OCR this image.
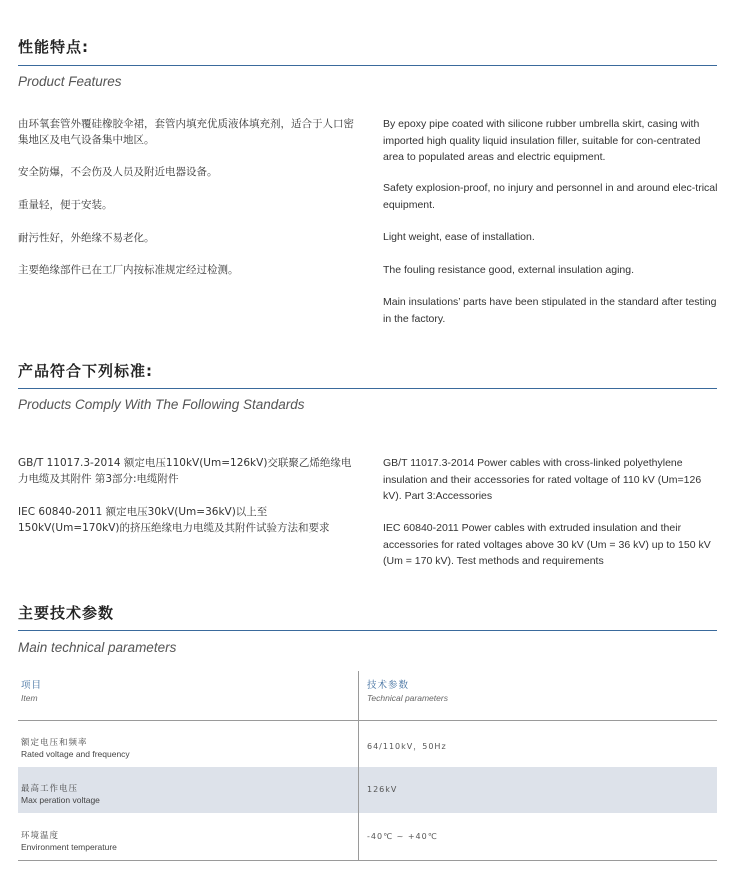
性能特点:

Product Features

由环氧套管外覆硅橡胶伞裙，套管内填充优质液体填充剂，适合于人口密集地区及电气设备集中地区。

安全防爆，不会伤及人员及附近电器设备。

重量轻，便于安装。

耐污性好，外绝缘不易老化。

主要绝缘部件已在工厂内按标准规定经过检测。

By epoxy pipe coated with silicone rubber umbrella skirt, casing with imported high quality liquid insulation filler, suitable for con-centrated area to populated areas and electric equipment.

Safety explosion-proof, no injury and personnel in and around elec-trical equipment.

Light weight, ease of installation.

The fouling resistance good, external insulation aging.

Main insulations’ parts have been stipulated in the standard after testing in the factory.

产品符合下列标准:

Products Comply With The Following Standards

GB/T 11017.3-2014 额定电压110kV(Um=126kV)交联聚乙烯绝缘电力电缆及其附件 第3部分:电缆附件

IEC 60840-2011 额定电压30kV(Um=36kV)以上至150kV(Um=170kV)的挤压绝缘电力电缆及其附件试验方法和要求

GB/T 11017.3-2014 Power cables with cross-linked polyethylene insulation and their accessories for rated voltage of 110 kV (Um=126 kV). Part 3:Accessories

IEC 60840-2011 Power cables with extruded insulation and their accessories for rated voltages above 30 kV (Um = 36 kV) up to 150 kV (Um = 170 kV). Test methods and requirements

主要技术参数

Main technical parameters

项目
Item
技术参数
Technical parameters
额定电压和频率
Rated voltage and frequency
64/110kV，50Hz
最高工作电压
Max peration voltage
126kV
环境温度
Environment temperature
-40℃ ~ +40℃
